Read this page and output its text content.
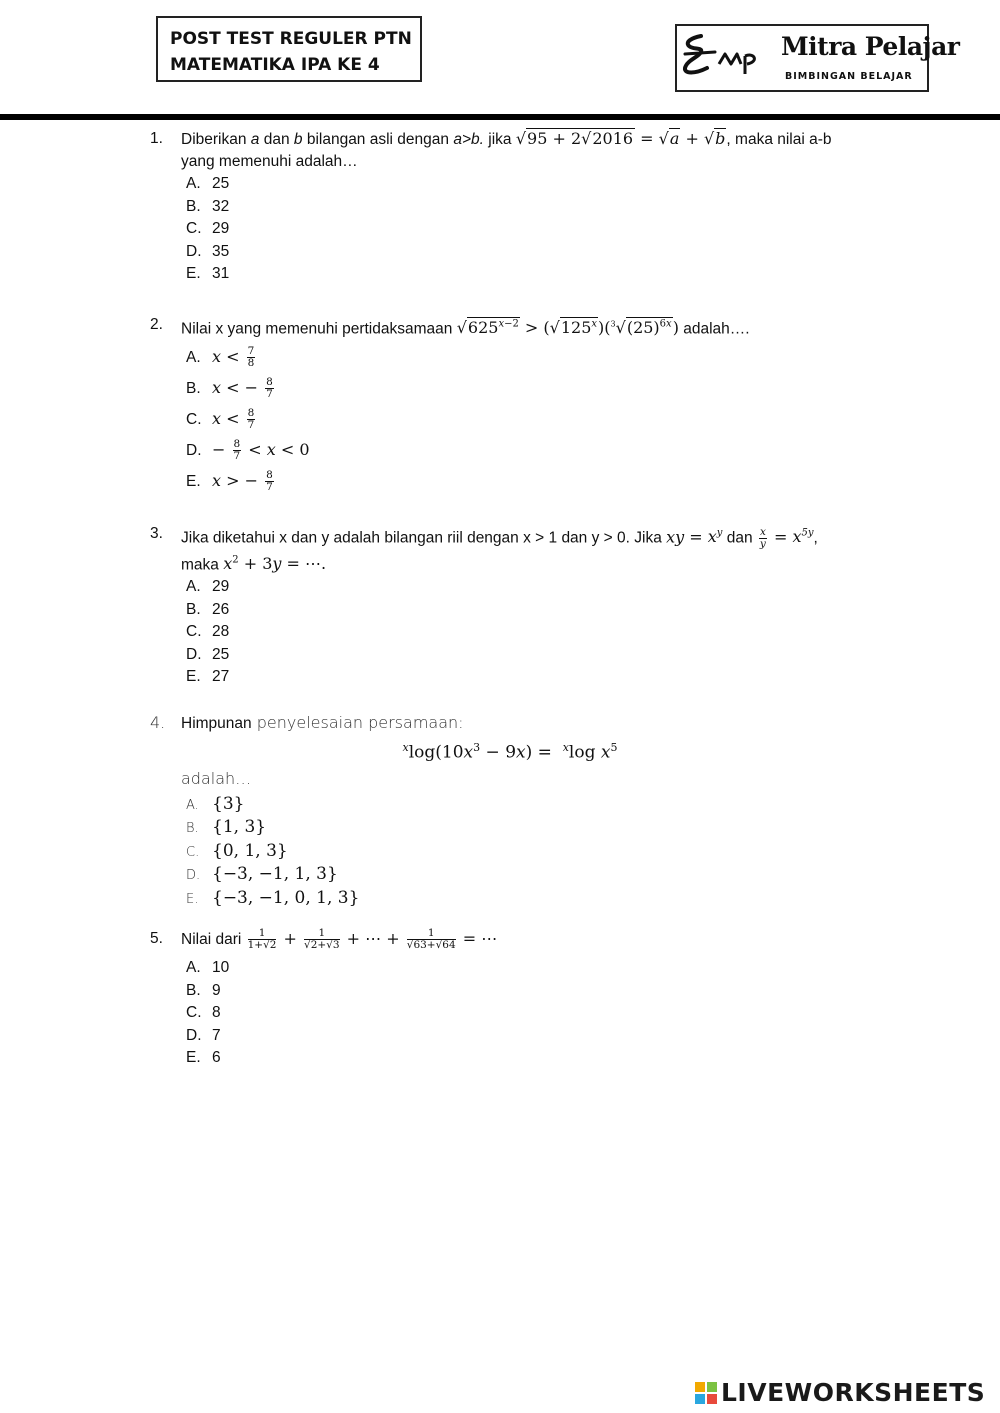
POST TEST REGULER PTN
MATEMATIKA IPA KE 4
Mitra Pelajar
BIMBINGAN BELAJAR
1. Diberikan a dan b bilangan asli dengan a>b. jika √95 + 2√2016 = √a + √b, maka nilai a-b
yang memenuhi adalah…
A. 25
B. 32
C. 29
D. 35
E. 31
2. Nilai x yang memenuhi pertidaksamaan $√625^{x-2} > (√125^x)(^3√(25)^{6x})$ adalah….
A. $x < \frac{7}{8}$
B. x < − $\frac{8}{7}$
C. $x < \frac{8}{7}$
D. − $\frac{8}{7} < x < 0$
E. x > − $\frac{8}{7}$
3. Jika diketahui x dan y adalah bilangan riil dengan x > 1 dan y > 0. Jika xy = $x^y$ dan $\frac{x}{y} = x^{5y}$,
maka $x^2 + 3y$ = ⋯.
A. 29
B. 26
C. 28
D. 25
E. 27
4. Himpunan penyelesaian persamaan:
$^x\log(10x^3 - 9x) = ^x\log$ $x^5$
adalah…
A. {3}
B. {1, 3}
C. {0, 1, 3}
D. {−3, −1, 1, 3}
E. {−3, −1, 0, 1, 3}
5. Nilai dari $\frac{1}{1+√2} + \frac{1}{√2+√3}$ + ⋯ + $\frac{1}{√63+√64}$ = ⋯
A. 10
B. 9
C. 8
D. 7
E. 6
LIVEWORKSHEETS
